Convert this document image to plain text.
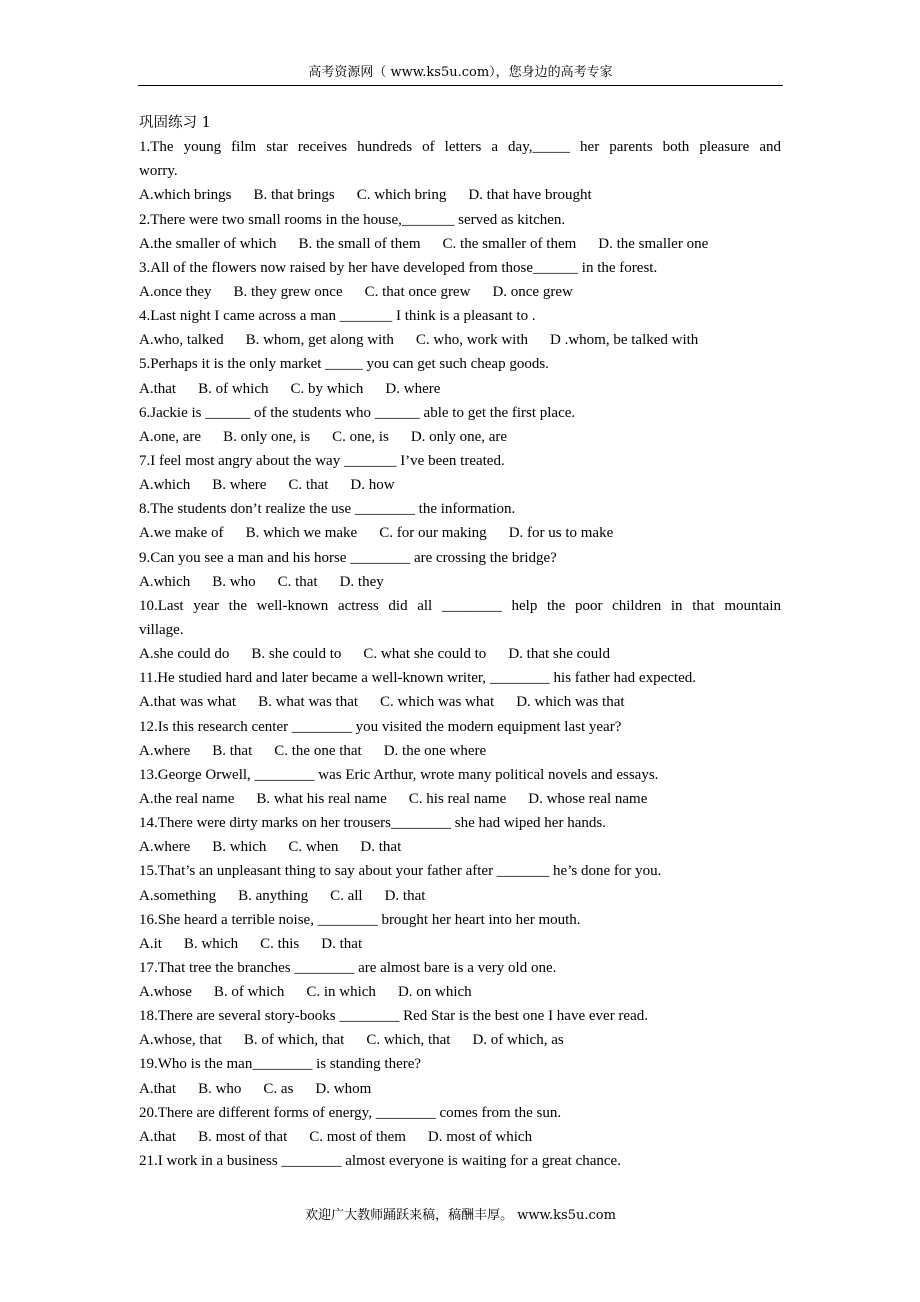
高考资源网（ www.ks5u.com），您身边的高考专家
巩固练习 1
1.The young film star receives hundreds of letters a day,_____ her parents both pleasure and
worry.
A.which brings B. that brings C. which bring D. that have brought
2.There were two small rooms in the house,_______ served as kitchen.
A.the smaller of which B. the small of them C. the smaller of them D. the smaller one
3.All of the flowers now raised by her have developed from those______ in the forest.
A.once they B. they grew once C. that once grew D. once grew
4.Last night I came across a man _______ I think is a pleasant to .
A.who, talked B. whom, get along with C. who, work with D .whom, be talked with
5.Perhaps it is the only market _____ you can get such cheap goods.
A.that B. of which C. by which D. where
6.Jackie is ______ of the students who ______ able to get the first place.
A.one, are B. only one, is C. one, is D. only one, are
7.I feel most angry about the way _______ I’ve been treated.
A.which B. where C. that D. how
8.The students don’t realize the use ________ the information.
A.we make of B. which we make C. for our making D. for us to make
9.Can you see a man and his horse ________ are crossing the bridge?
A.which B. who C. that D. they
10.Last year the well-known actress did all ________ help the poor children in that mountain
village.
A.she could do B. she could to C. what she could to D. that she could
11.He studied hard and later became a well-known writer, ________ his father had expected.
A.that was what B. what was that C. which was what D. which was that
12.Is this research center ________ you visited the modern equipment last year?
A.where B. that C. the one that D. the one where
13.George Orwell, ________ was Eric Arthur, wrote many political novels and essays.
A.the real name B. what his real name C. his real name D. whose real name
14.There were dirty marks on her trousers________ she had wiped her hands.
A.where B. which C. when D. that
15.That’s an unpleasant thing to say about your father after _______ he’s done for you.
A.something B. anything C. all D. that
16.She heard a terrible noise, ________ brought her heart into her mouth.
A.it B. which C. this D. that
17.That tree the branches ________ are almost bare is a very old one.
A.whose B. of which C. in which D. on which
18.There are several story-books ________ Red Star is the best one I have ever read.
A.whose, that B. of which, that C. which, that D. of which, as
19.Who is the man________ is standing there?
A.that B. who C. as D. whom
20.There are different forms of energy, ________ comes from the sun.
A.that B. most of that C. most of them D. most of which
21.I work in a business ________ almost everyone is waiting for a great chance.
欢迎广大教师踊跃来稿，稿酬丰厚。 www.ks5u.com
